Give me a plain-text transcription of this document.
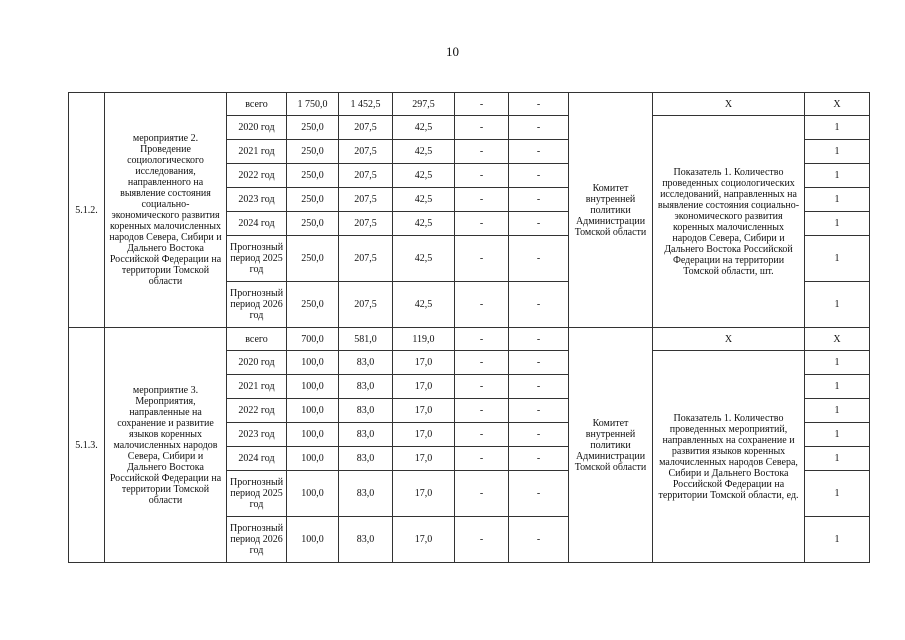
10
5.1.2.	мероприятие 2. Проведение социологического исследования, направленного на выявление состояния социально-экономического развития коренных малочисленных народов Севера, Сибири и Дальнего Востока Российской Федерации на территории Томской области	всего	1 750,0	1 452,5	297,5	-	-	Комитет внутренней политики Администрации Томской области	Х	Х
		2020 год	250,0	207,5	42,5	-	-		Показатель 1. Количество проведенных социологических исследований, направленных на выявление состояния социально-экономического развития коренных малочисленных народов Севера, Сибири и Дальнего Востока Российской Федерации на территории Томской области, шт.	1
		2021 год	250,0	207,5	42,5	-	-			1
		2022 год	250,0	207,5	42,5	-	-			1
		2023 год	250,0	207,5	42,5	-	-			1
		2024 год	250,0	207,5	42,5	-	-			1
		Прогнозный период 2025 год	250,0	207,5	42,5	-	-			1
		Прогнозный период 2026 год	250,0	207,5	42,5	-	-			1
5.1.3.	мероприятие 3. Мероприятия, направленные на сохранение и развитие языков коренных малочисленных народов Севера, Сибири и Дальнего Востока Российской Федерации на территории Томской области	всего	700,0	581,0	119,0	-	-	Комитет внутренней политики Администрации Томской области	Х	Х
		2020 год	100,0	83,0	17,0	-	-		Показатель 1. Количество проведенных мероприятий, направленных на сохранение и развития языков коренных малочисленных народов Севера, Сибири и Дальнего Востока Российской Федерации на территории Томской области, ед.	1
		2021 год	100,0	83,0	17,0	-	-			1
		2022 год	100,0	83,0	17,0	-	-			1
		2023 год	100,0	83,0	17,0	-	-			1
		2024 год	100,0	83,0	17,0	-	-			1
		Прогнозный период 2025 год	100,0	83,0	17,0	-	-			1
		Прогнозный период 2026 год	100,0	83,0	17,0	-	-			1
